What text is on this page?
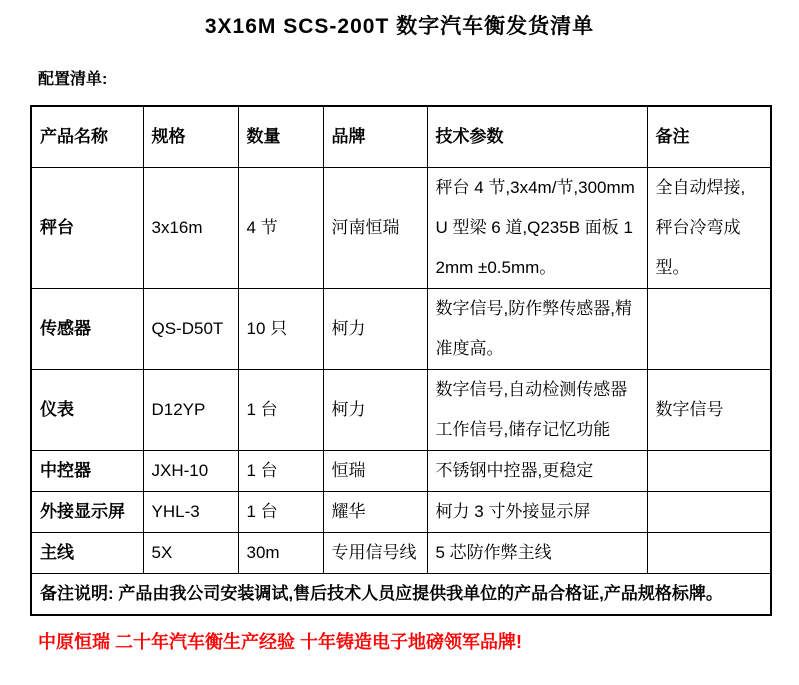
3X16M SCS-200T 数字汽车衡发货清单
配置清单:
产品名称	规格	数量	品牌	技术参数	备注
秤台	3x16m	4 节	河南恒瑞	秤台 4 节,3x4m/节,300mmU 型梁 6 道,Q235B 面板 12mm ±0.5mm。	全自动焊接,秤台冷弯成型。
传感器	QS-D50T	10 只	柯力	数字信号,防作弊传感器,精准度高。	
仪表	D12YP	1 台	柯力	数字信号,自动检测传感器工作信号,储存记忆功能	数字信号
中控器	JXH-10	1 台	恒瑞	不锈钢中控器,更稳定	
外接显示屏	YHL-3	1 台	耀华	柯力 3 寸外接显示屏	
主线	5X	30m	专用信号线	5 芯防作弊主线	
备注说明: 产品由我公司安装调试,售后技术人员应提供我单位的产品合格证,产品规格标牌。					
中原恒瑞 二十年汽车衡生产经验 十年铸造电子地磅领军品牌!
